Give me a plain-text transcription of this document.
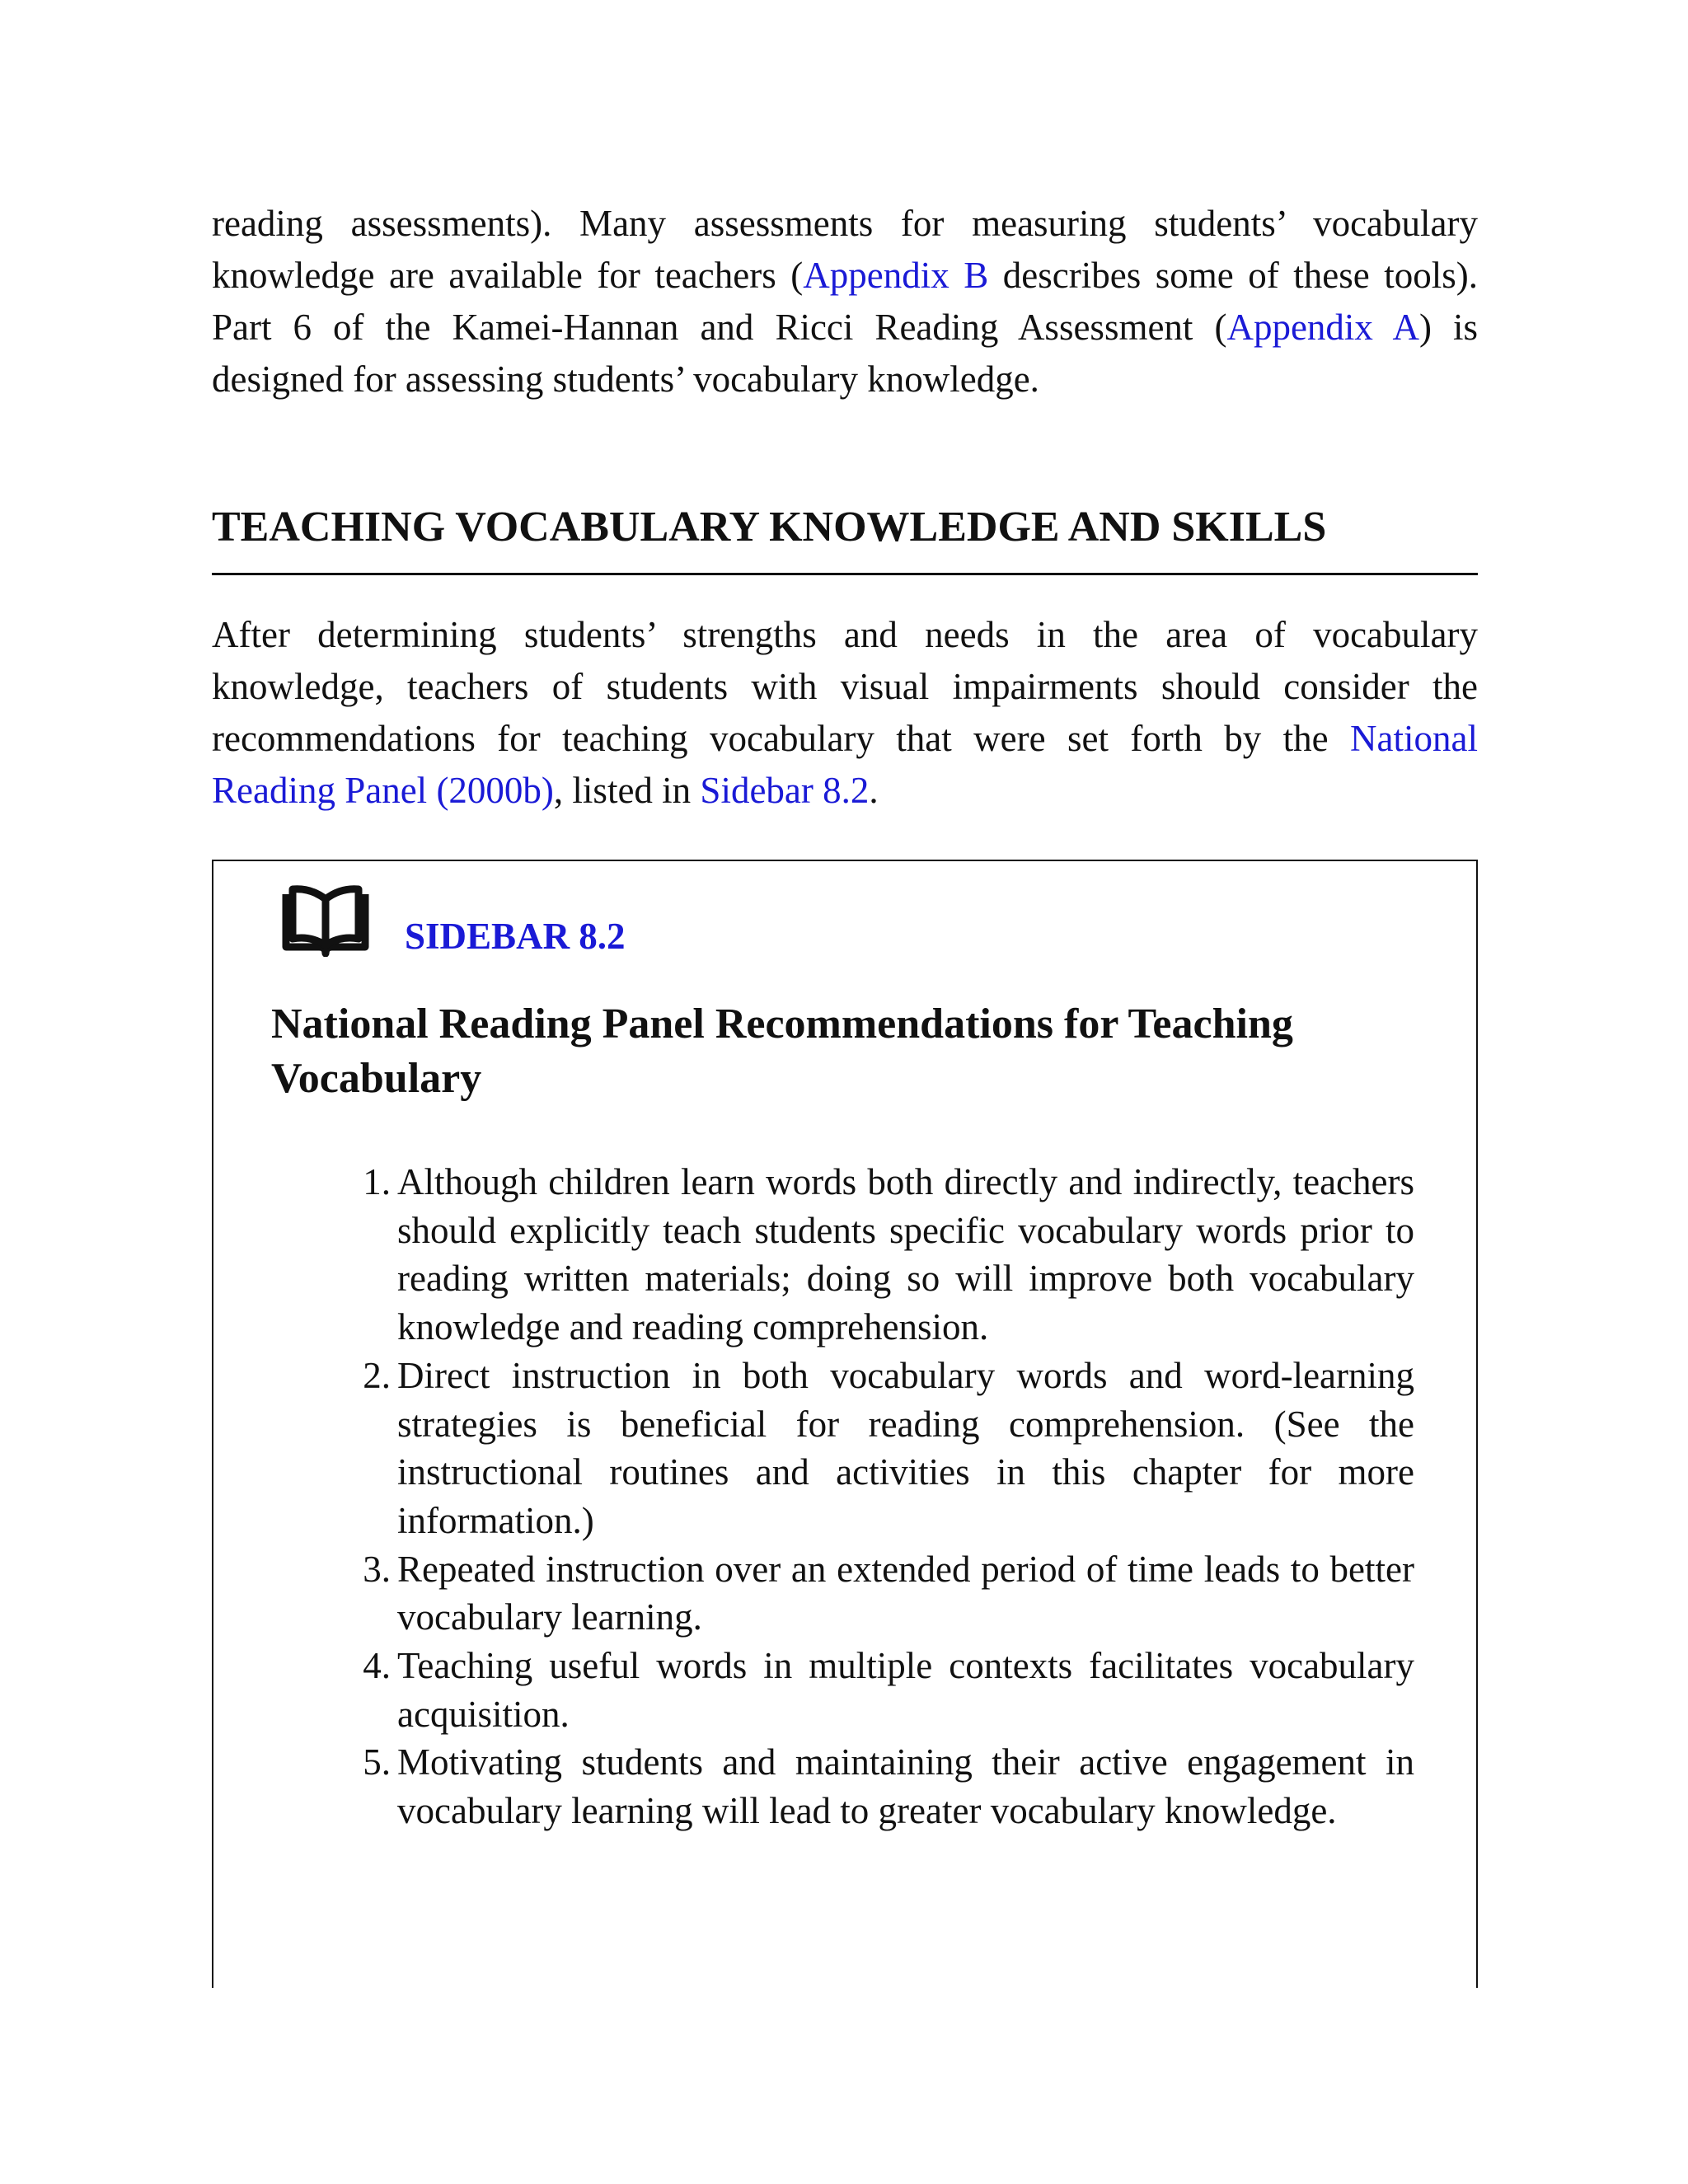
reading assessments). Many assessments for measuring students’ vocabulary knowledge are available for teachers (Appendix B describes some of these tools). Part 6 of the Kamei-Hannan and Ricci Reading Assessment (Appendix A) is designed for assessing students’ vocabulary knowledge.

TEACHING VOCABULARY KNOWLEDGE AND SKILLS

After determining students’ strengths and needs in the area of vocabulary knowledge, teachers of students with visual impairments should consider the recommendations for teaching vocabulary that were set forth by the National Reading Panel (2000b), listed in Sidebar 8.2.

SIDEBAR 8.2
National Reading Panel Recommendations for Teaching Vocabulary
1. Although children learn words both directly and indirectly, teachers should explicitly teach students specific vocabulary words prior to reading written materials; doing so will improve both vocabulary knowledge and reading comprehension.
2. Direct instruction in both vocabulary words and word-learning strategies is beneficial for reading comprehension. (See the instructional routines and activities in this chapter for more information.)
3. Repeated instruction over an extended period of time leads to better vocabulary learning.
4. Teaching useful words in multiple contexts facilitates vocabulary acquisition.
5. Motivating students and maintaining their active engagement in vocabulary learning will lead to greater vocabulary knowledge.
